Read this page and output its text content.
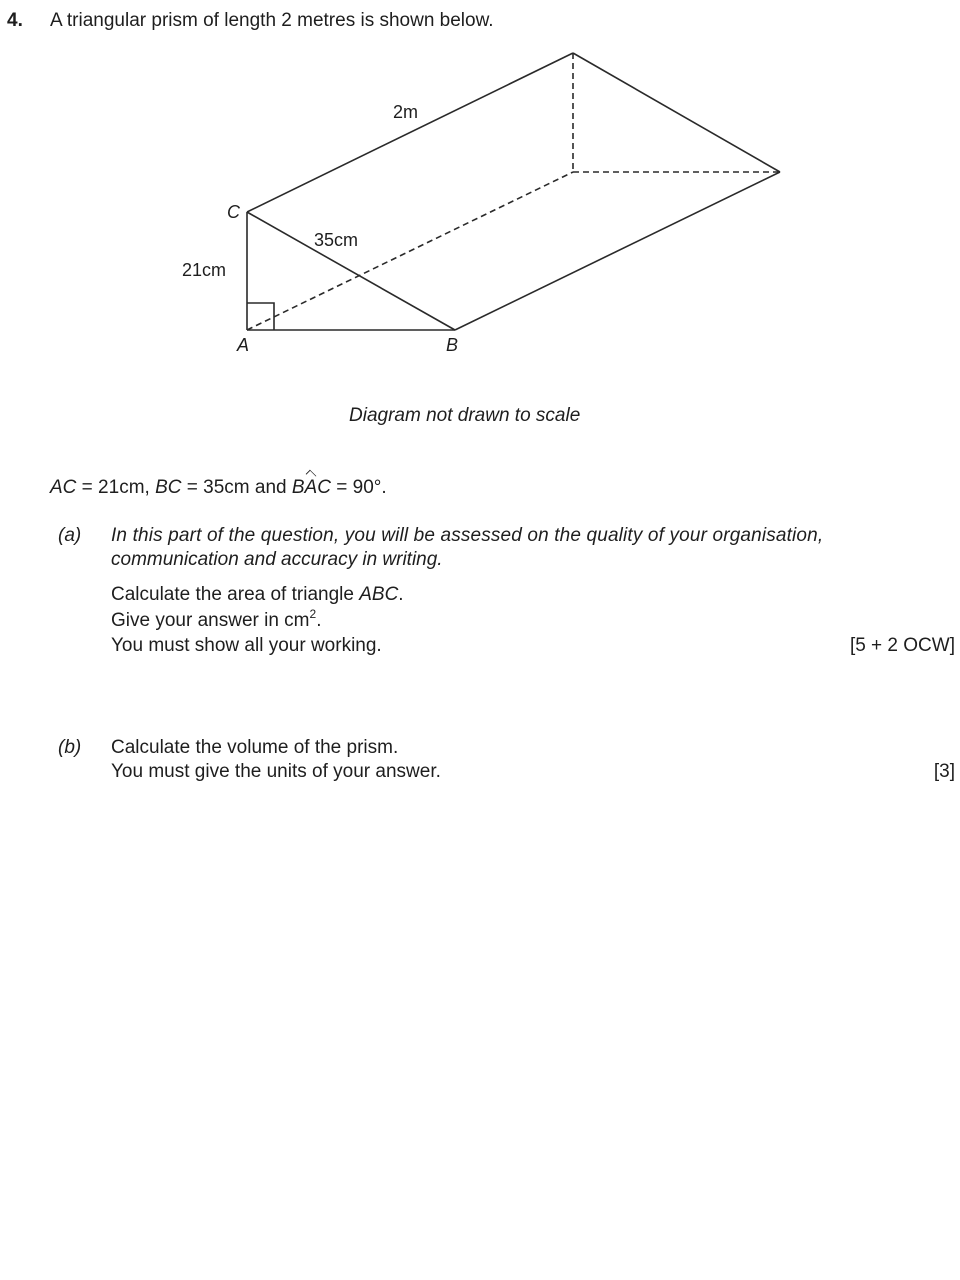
4. A triangular prism of length 2 metres is shown below.
2m
35cm
21cm
C
A	B
Diagram not drawn to scale
AC = 21cm, BC = 35cm and BAC = 90°.
(a) In this part of the question, you will be assessed on the quality of your organisation,
communication and accuracy in writing.
Calculate the area of triangle ABC.
Give your answer in $cm^2$.
You must show all your working.	[5 + 2 OCW]
(b) Calculate the volume of the prism.
You must give the units of your answer.	[3]
